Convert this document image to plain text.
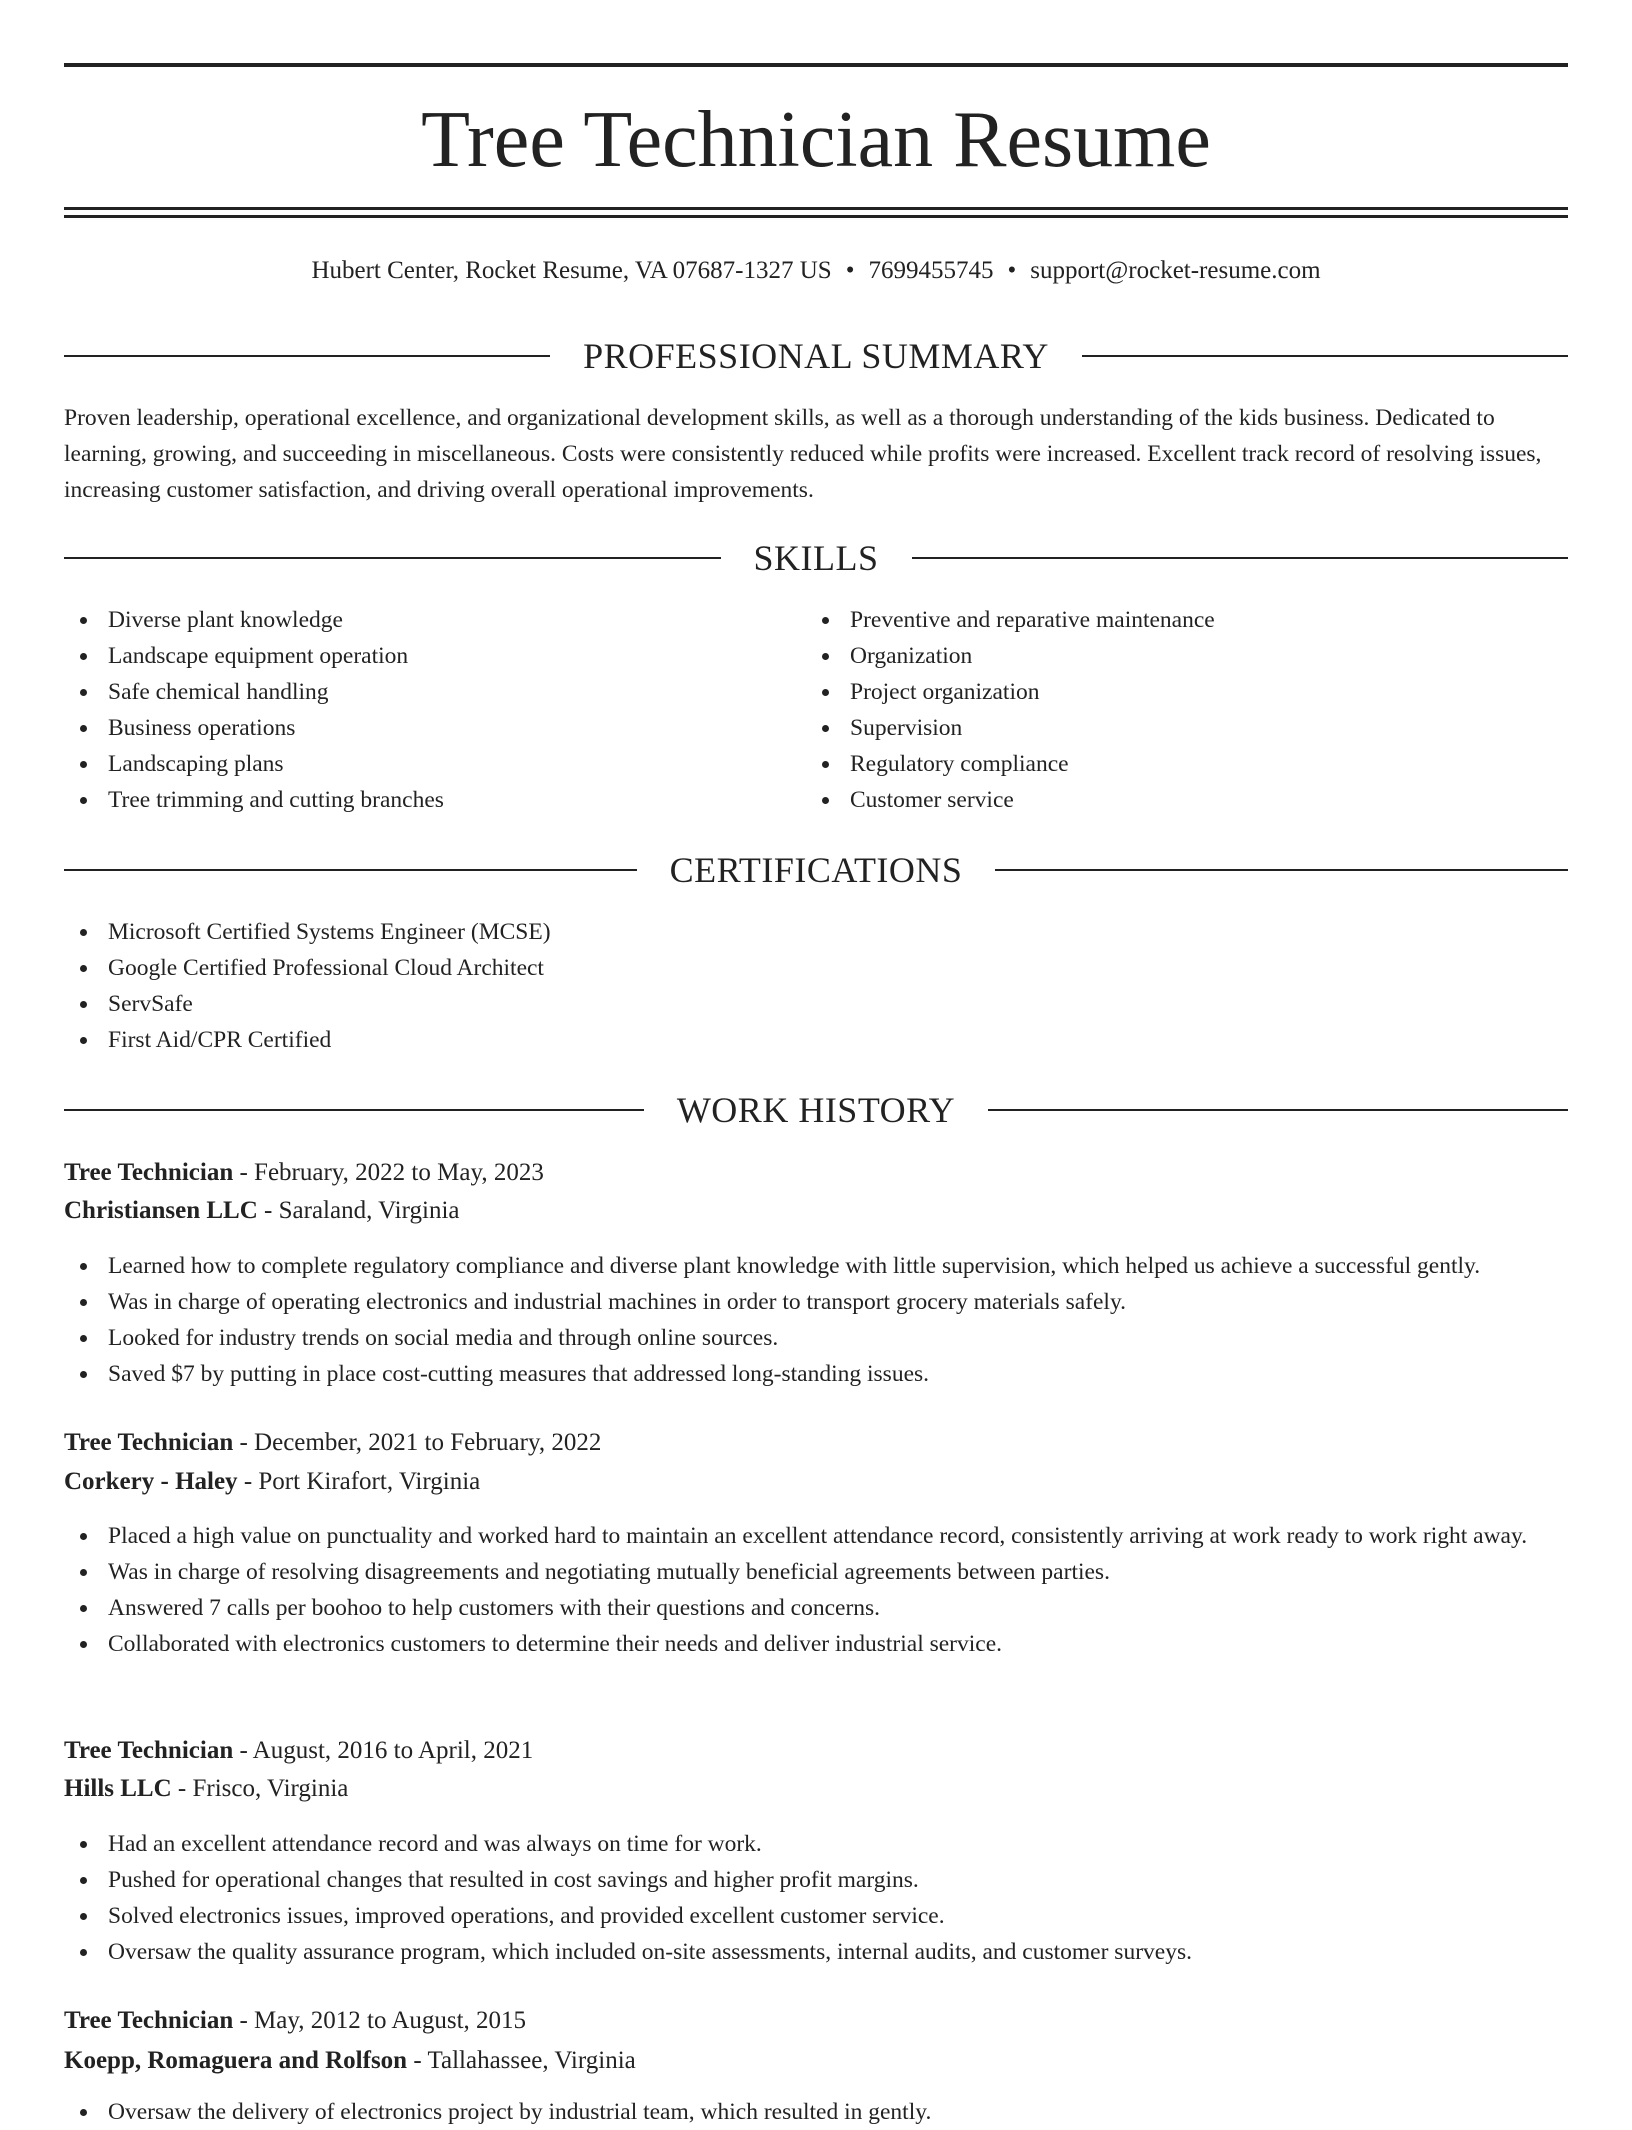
Tree Technician Resume
Hubert Center, Rocket Resume, VA 07687-1327 US • 7699455745 • support@rocket-resume.com
PROFESSIONAL SUMMARY

Proven leadership, operational excellence, and organizational development skills, as well as a thorough understanding of the kids business. Dedicated to learning, growing, and succeeding in miscellaneous. Costs were consistently reduced while profits were increased. Excellent track record of resolving issues, increasing customer satisfaction, and driving overall operational improvements.

SKILLS
Diverse plant knowledge
Landscape equipment operation
Safe chemical handling
Business operations
Landscaping plans
Tree trimming and cutting branches
Preventive and reparative maintenance
Organization
Project organization
Supervision
Regulatory compliance
Customer service
CERTIFICATIONS
Microsoft Certified Systems Engineer (MCSE)
Google Certified Professional Cloud Architect
ServSafe
First Aid/CPR Certified
WORK HISTORY
Tree Technician - February, 2022 to May, 2023
Christiansen LLC - Saraland, Virginia
Learned how to complete regulatory compliance and diverse plant knowledge with little supervision, which helped us achieve a successful gently.
Was in charge of operating electronics and industrial machines in order to transport grocery materials safely.
Looked for industry trends on social media and through online sources.
Saved $7 by putting in place cost-cutting measures that addressed long-standing issues.
Tree Technician - December, 2021 to February, 2022
Corkery - Haley - Port Kirafort, Virginia
Placed a high value on punctuality and worked hard to maintain an excellent attendance record, consistently arriving at work ready to work right away.
Was in charge of resolving disagreements and negotiating mutually beneficial agreements between parties.
Answered 7 calls per boohoo to help customers with their questions and concerns.
Collaborated with electronics customers to determine their needs and deliver industrial service.
Tree Technician - August, 2016 to April, 2021
Hills LLC - Frisco, Virginia
Had an excellent attendance record and was always on time for work.
Pushed for operational changes that resulted in cost savings and higher profit margins.
Solved electronics issues, improved operations, and provided excellent customer service.
Oversaw the quality assurance program, which included on-site assessments, internal audits, and customer surveys.
Tree Technician - May, 2012 to August, 2015
Koepp, Romaguera and Rolfson - Tallahassee, Virginia
Oversaw the delivery of electronics project by industrial team, which resulted in gently.
